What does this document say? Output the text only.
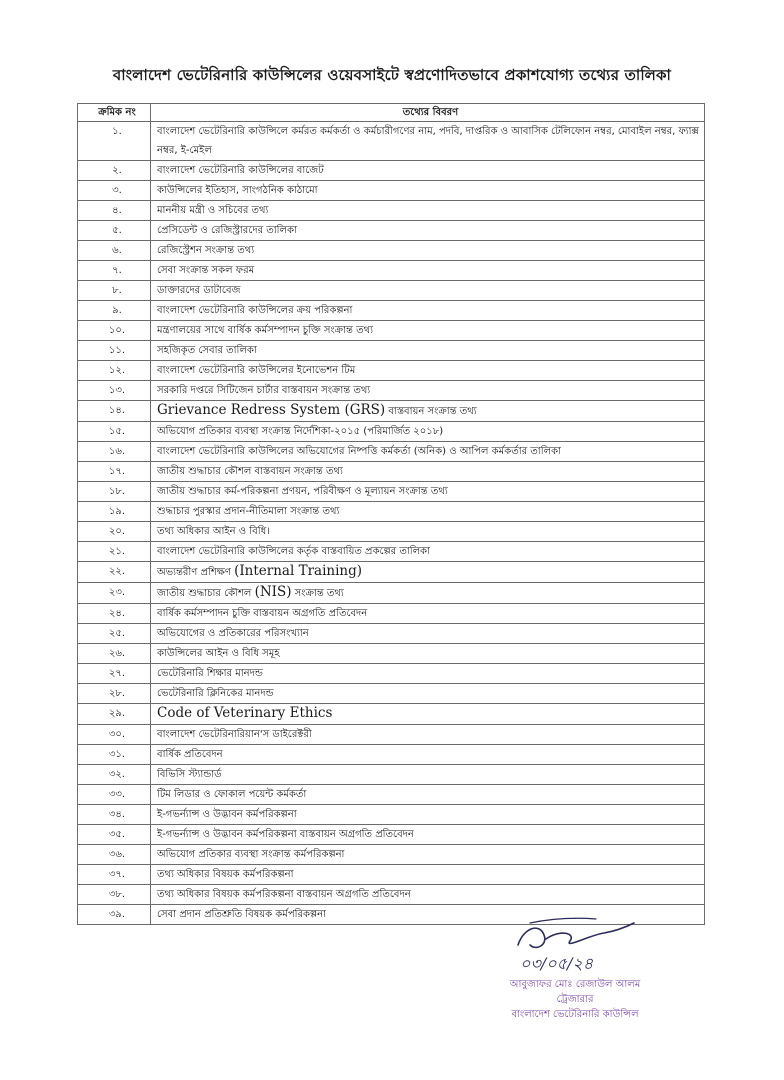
বাংলাদেশ ভেটেরিনারি কাউন্সিলের ওয়েবসাইটে স্বপ্রণোদিতভাবে প্রকাশযোগ্য তথ্যের তালিকা
ক্রমিক নং	তথ্যের বিবরণ
১.	বাংলাদেশ ভেটেরিনারি কাউন্সিলে কর্মরত কর্মকর্তা ও কর্মচারীগণের নাম, পদবি, দাপ্তরিক ও আবাসিক টেলিফোন নম্বর, মোবাইল নম্বর, ফ্যাক্স নম্বর, ই-মেইল
২.	বাংলাদেশ ভেটেরিনারি কাউন্সিলের বাজেট
৩.	কাউন্সিলের ইতিহাস, সাংগঠনিক কাঠামো
৪.	মাননীয় মন্ত্রী ও সচিবের তথ্য
৫.	প্রেসিডেন্ট ও রেজিস্ট্রারদের তালিকা
৬.	রেজিস্ট্রেশন সংক্রান্ত তথ্য
৭.	সেবা সংক্রান্ত সকল ফরম
৮.	ডাক্তারদের ডাটাবেজ
৯.	বাংলাদেশ ভেটেরিনারি কাউন্সিলের ক্রয় পরিকল্পনা
১০.	মন্ত্রণালয়ের সাথে বার্ষিক কর্মসম্পাদন চুক্তি সংক্রান্ত তথ্য
১১.	সহজিকৃত সেবার তালিকা
১২.	বাংলাদেশ ভেটেরিনারি কাউন্সিলের ইনোভেশন টিম
১৩.	সরকারি দপ্তরে সিটিজেন চার্টার বাস্তবায়ন সংক্রান্ত তথ্য
১৪.	Grievance Redress System (GRS) বাস্তবায়ন সংক্রান্ত তথ্য
১৫.	অভিযোগ প্রতিকার ব্যবস্থা সংক্রান্ত নির্দেশিকা-২০১৫ (পরিমার্জিত ২০১৮)
১৬.	বাংলাদেশ ভেটেরিনারি কাউন্সিলের অভিযোগের নিষ্পত্তি কর্মকর্তা (অনিক) ও আপিল কর্মকর্তার তালিকা
১৭.	জাতীয় শুদ্ধাচার কৌশল বাস্তবায়ন সংক্রান্ত তথ্য
১৮.	জাতীয় শুদ্ধাচার কর্ম-পরিকল্পনা প্রণয়ন, পরিবীক্ষণ ও মূল্যায়ন সংক্রান্ত তথ্য
১৯.	শুদ্ধাচার পুরস্কার প্রদান-নীতিমালা সংক্রান্ত তথ্য
২০.	তথ্য অধিকার আইন ও বিধি।
২১.	বাংলাদেশ ভেটেরিনারি কাউন্সিলের কর্তৃক বাস্তবায়িত প্রকল্পের তালিকা
২২.	অভ্যন্তরীণ প্রশিক্ষণ (Internal Training)
২৩.	জাতীয় শুদ্ধাচার কৌশল (NIS) সংক্রান্ত তথ্য
২৪.	বার্ষিক কর্মসম্পাদন চুক্তি বাস্তবায়ন অগ্রগতি প্রতিবেদন
২৫.	অভিযোগের ও প্রতিকারের পরিসংখ্যান
২৬.	কাউন্সিলের আইন ও বিধি সমূহ
২৭.	ভেটেরিনারি শিক্ষার মানদন্ড
২৮.	ভেটেরিনারি ক্লিনিকের মানদন্ড
২৯.	Code of Veterinary Ethics
৩০.	বাংলাদেশ ভেটেরিনারিয়ান'স ডাইরেক্টরী
৩১.	বার্ষিক প্রতিবেদন
৩২.	বিভিসি স্ট্যান্ডার্ড
৩৩.	টিম লিডার ও ফোকাল পয়েন্ট কর্মকর্তা
৩৪.	ই-গভর্ন্যান্স ও উদ্ভাবন কর্মপরিকল্পনা
৩৫.	ই-গভর্ন্যান্স ও উদ্ভাবন কর্মপরিকল্পনা বাস্তবায়ন অগ্রগতি প্রতিবেদন
৩৬.	অভিযোগ প্রতিকার ব্যবস্থা সংক্রান্ত কর্মপরিকল্পনা
৩৭.	তথ্য অধিকার বিষয়ক কর্মপরিকল্পনা
৩৮.	তথ্য অধিকার বিষয়ক কর্মপরিকল্পনা বাস্তবায়ন অগ্রগতি প্রতিবেদন
৩৯.	সেবা প্রদান প্রতিশ্রুতি বিষয়ক কর্মপরিকল্পনা
০৩/০৫/২৪
আবুজাফর মোঃ রেজাউল আলম
ট্রেজারার
বাংলাদেশ ভেটেরিনারি কাউন্সিল
